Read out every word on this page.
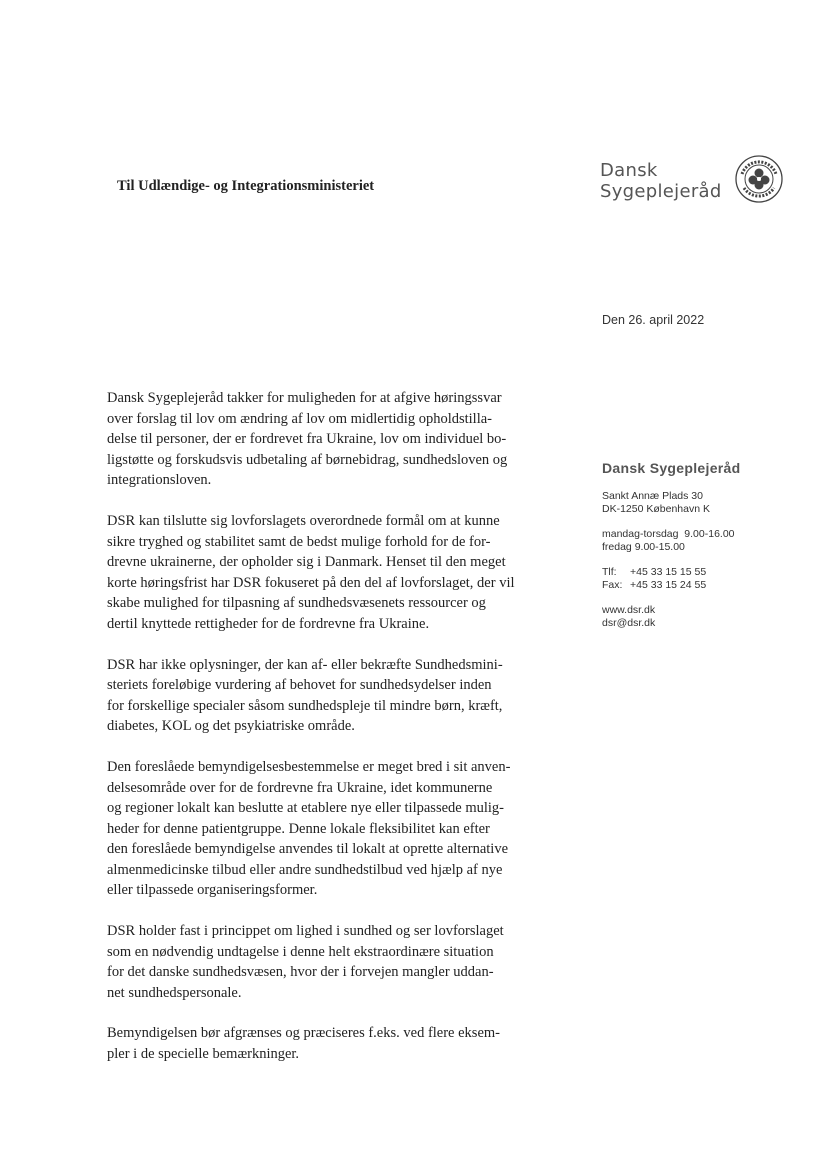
Til Udlændige- og Integrationsministeriet
Dansk
Sygeplejeråd
Den 26. april 2022
Dansk Sygeplejeråd
Sankt Annæ Plads 30
DK-1250 København K
mandag-torsdag  9.00-16.00
fredag 9.00-15.00
Tlf: +45 33 15 15 55
Fax: +45 33 15 24 55
www.dsr.dk
dsr@dsr.dk

Dansk Sygeplejeråd takker for muligheden for at afgive høringssvar
over forslag til lov om ændring af lov om midlertidig opholdstilla-
delse til personer, der er fordrevet fra Ukraine, lov om individuel bo-
ligstøtte og forskudsvis udbetaling af børnebidrag, sundhedsloven og
integrationsloven.

DSR kan tilslutte sig lovforslagets overordnede formål om at kunne
sikre tryghed og stabilitet samt de bedst mulige forhold for de for-
drevne ukrainerne, der opholder sig i Danmark. Henset til den meget
korte høringsfrist har DSR fokuseret på den del af lovforslaget, der vil
skabe mulighed for tilpasning af sundhedsvæsenets ressourcer og
dertil knyttede rettigheder for de fordrevne fra Ukraine.

DSR har ikke oplysninger, der kan af- eller bekræfte Sundhedsmini-
steriets foreløbige vurdering af behovet for sundhedsydelser inden
for forskellige specialer såsom sundhedspleje til mindre børn, kræft,
diabetes, KOL og det psykiatriske område.

Den foreslåede bemyndigelsesbestemmelse er meget bred i sit anven-
delsesområde over for de fordrevne fra Ukraine, idet kommunerne
og regioner lokalt kan beslutte at etablere nye eller tilpassede mulig-
heder for denne patientgruppe. Denne lokale fleksibilitet kan efter
den foreslåede bemyndigelse anvendes til lokalt at oprette alternative
almenmedicinske tilbud eller andre sundhedstilbud ved hjælp af nye
eller tilpassede organiseringsformer.

DSR holder fast i princippet om lighed i sundhed og ser lovforslaget
som en nødvendig undtagelse i denne helt ekstraordinære situation
for det danske sundhedsvæsen, hvor der i forvejen mangler uddan-
net sundhedspersonale.

Bemyndigelsen bør afgrænses og præciseres f.eks. ved flere eksem-
pler i de specielle bemærkninger.
